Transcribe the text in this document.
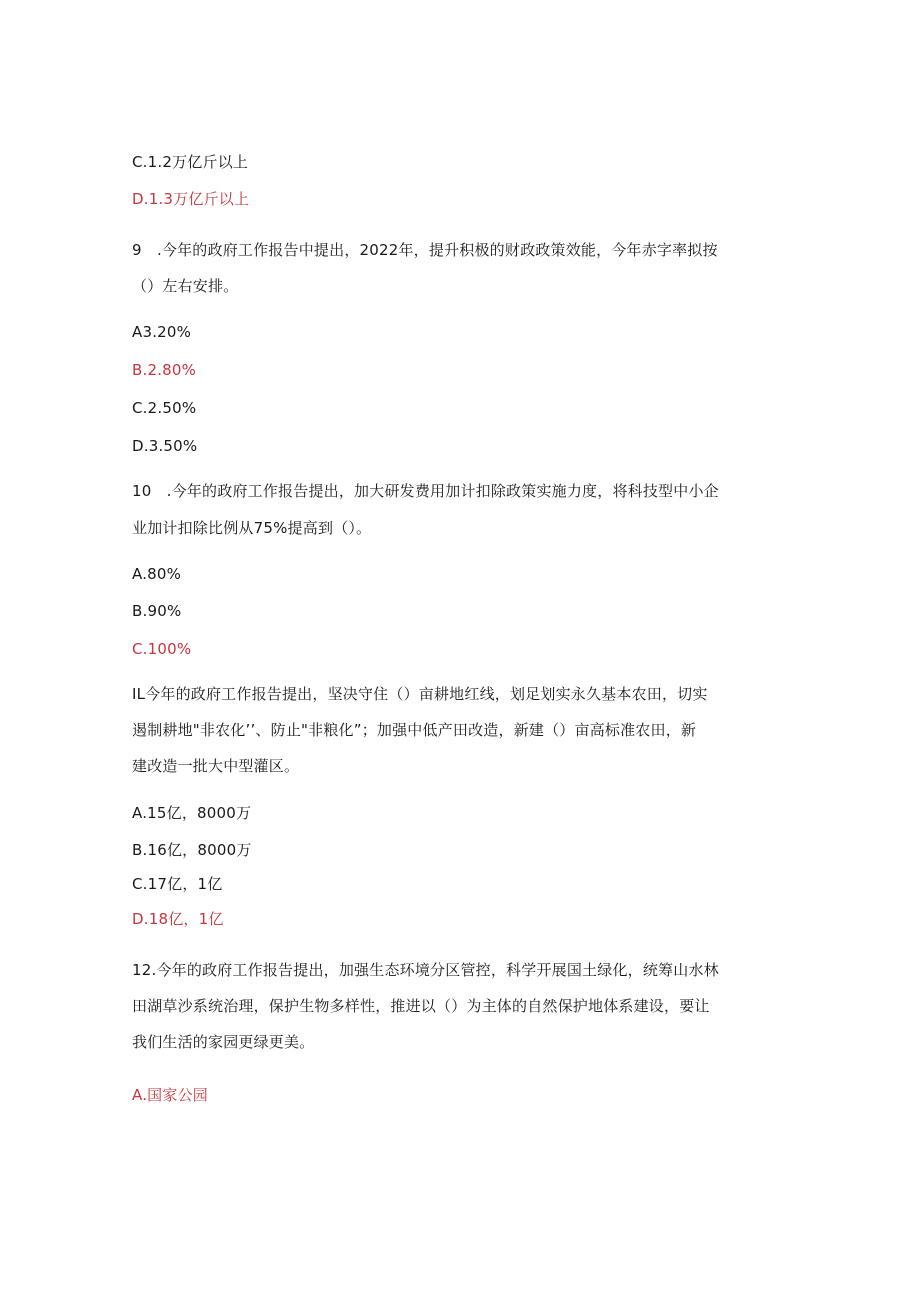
C.1.2万亿斤以上
D.1.3万亿斤以上
9　.今年的政府工作报告中提出，2022年，提升积极的财政政策效能，今年赤字率拟按
（）左右安排。
A3.20%
B.2.80%
C.2.50%
D.3.50%
10　.今年的政府工作报告提出，加大研发费用加计扣除政策实施力度，将科技型中小企
业加计扣除比例从75%提高到（）。
A.80%
B.90%
C.100%
IL今年的政府工作报告提出，坚决守住（）亩耕地红线，划足划实永久基本农田，切实
遏制耕地"非农化’’、防止"非粮化”；加强中低产田改造，新建（）亩高标准农田，新
建改造一批大中型灌区。
A.15亿，8000万
B.16亿，8000万
C.17亿，1亿
D.18亿，1亿
12.今年的政府工作报告提出，加强生态环境分区管控，科学开展国土绿化，统筹山水林
田湖草沙系统治理，保护生物多样性，推进以（）为主体的自然保护地体系建设，要让
我们生活的家园更绿更美。
A.国家公园
